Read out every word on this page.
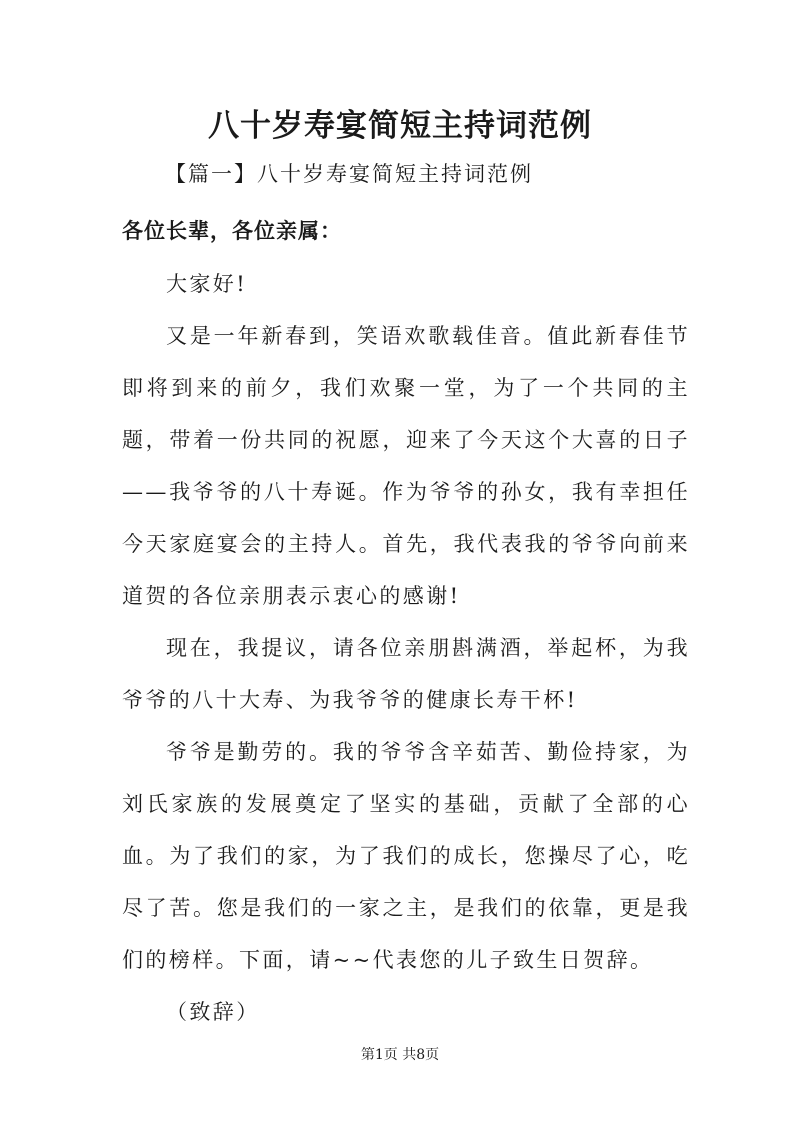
八十岁寿宴简短主持词范例
【篇一】八十岁寿宴简短主持词范例
各位长辈，各位亲属：

大家好!

又是一年新春到，笑语欢歌载佳音。值此新春佳节即将到来的前夕，我们欢聚一堂，为了一个共同的主题，带着一份共同的祝愿，迎来了今天这个大喜的日子——我爷爷的八十寿诞。作为爷爷的孙女，我有幸担任今天家庭宴会的主持人。首先，我代表我的爷爷向前来道贺的各位亲朋表示衷心的感谢!

现在，我提议，请各位亲朋斟满酒，举起杯，为我爷爷的八十大寿、为我爷爷的健康长寿干杯!

爷爷是勤劳的。我的爷爷含辛茹苦、勤俭持家，为刘氏家族的发展奠定了坚实的基础，贡献了全部的心血。为了我们的家，为了我们的成长，您操尽了心，吃尽了苦。您是我们的一家之主，是我们的依靠，更是我们的榜样。下面，请~~代表您的儿子致生日贺辞。

（致辞）

第1页 共8页
